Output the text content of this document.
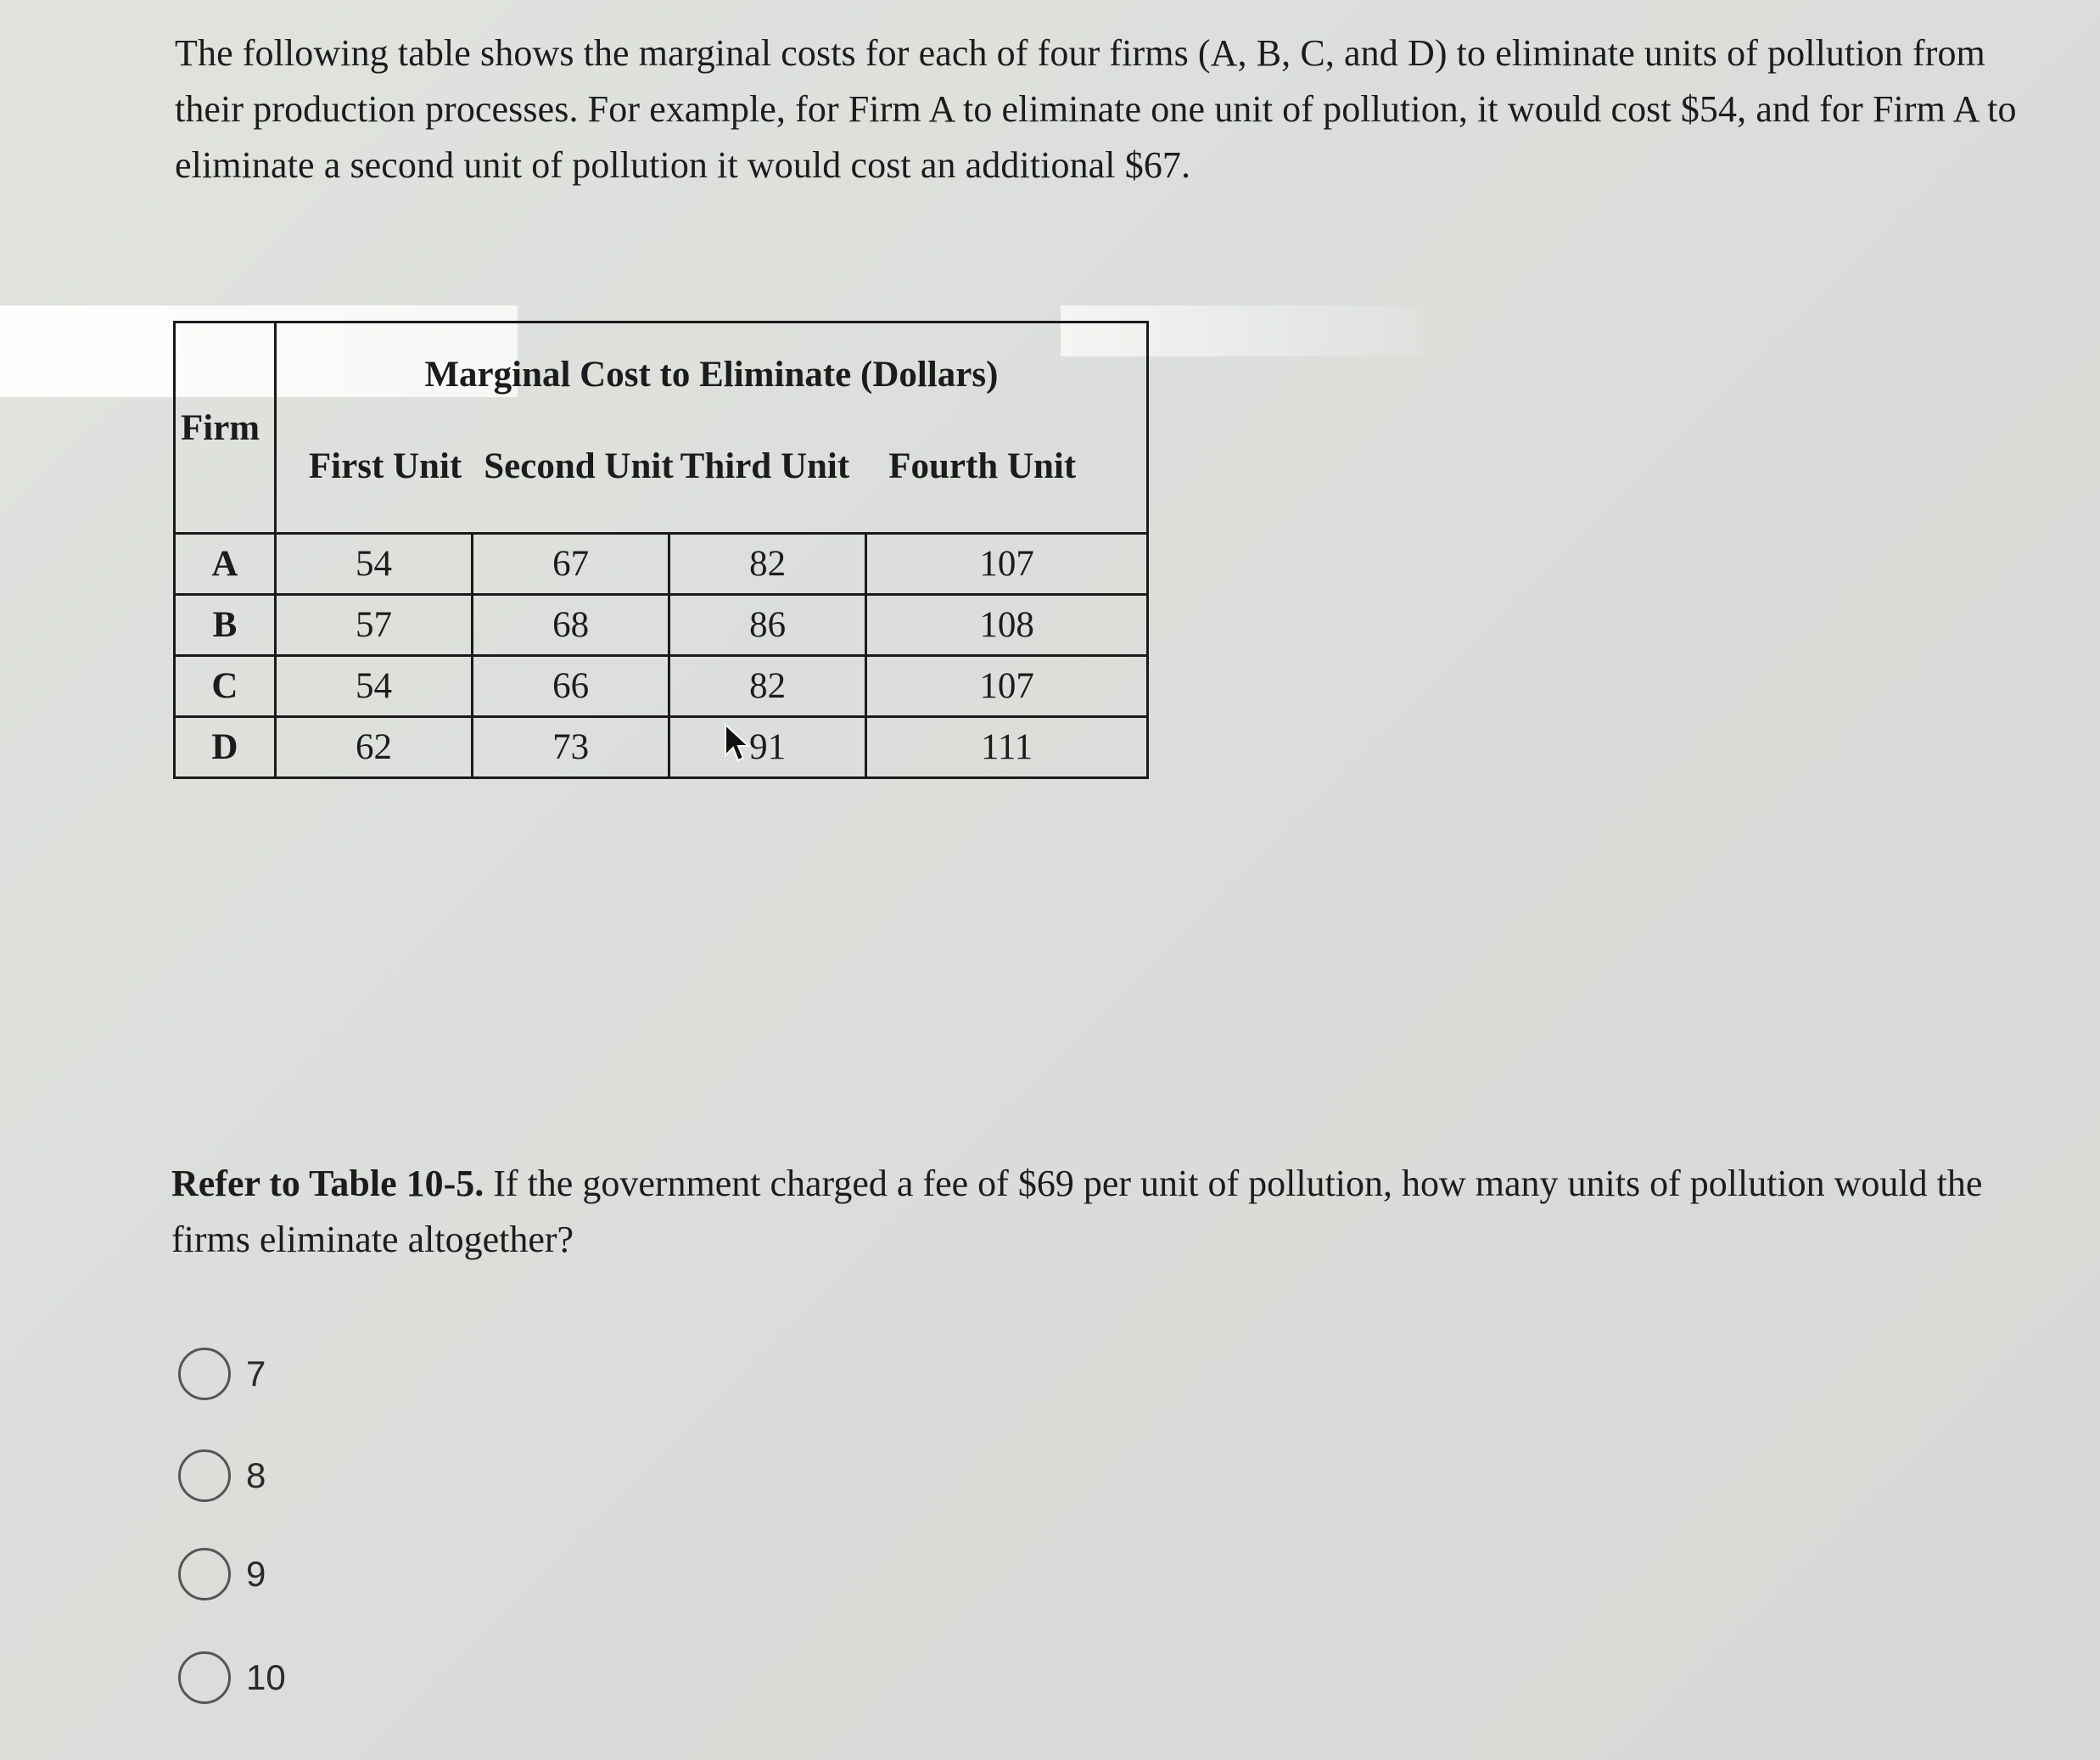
The following table shows the marginal costs for each of four firms (A, B, C, and D) to eliminate units of pollution from their production processes. For example, for Firm A to eliminate one unit of pollution, it would cost $54, and for Firm A to eliminate a second unit of pollution it would cost an additional $67.

Firm	Marginal Cost to Eliminate (Dollars)
First Unit Second Unit Third Unit Fourth Unit			

A	54	67	82	107
B	57	68	86	108
C	54	66	82	107
D	62	73	91	111

Refer to Table 10-5. If the government charged a fee of $69 per unit of pollution, how many units of pollution would the firms eliminate altogether?

7
8
9
10
